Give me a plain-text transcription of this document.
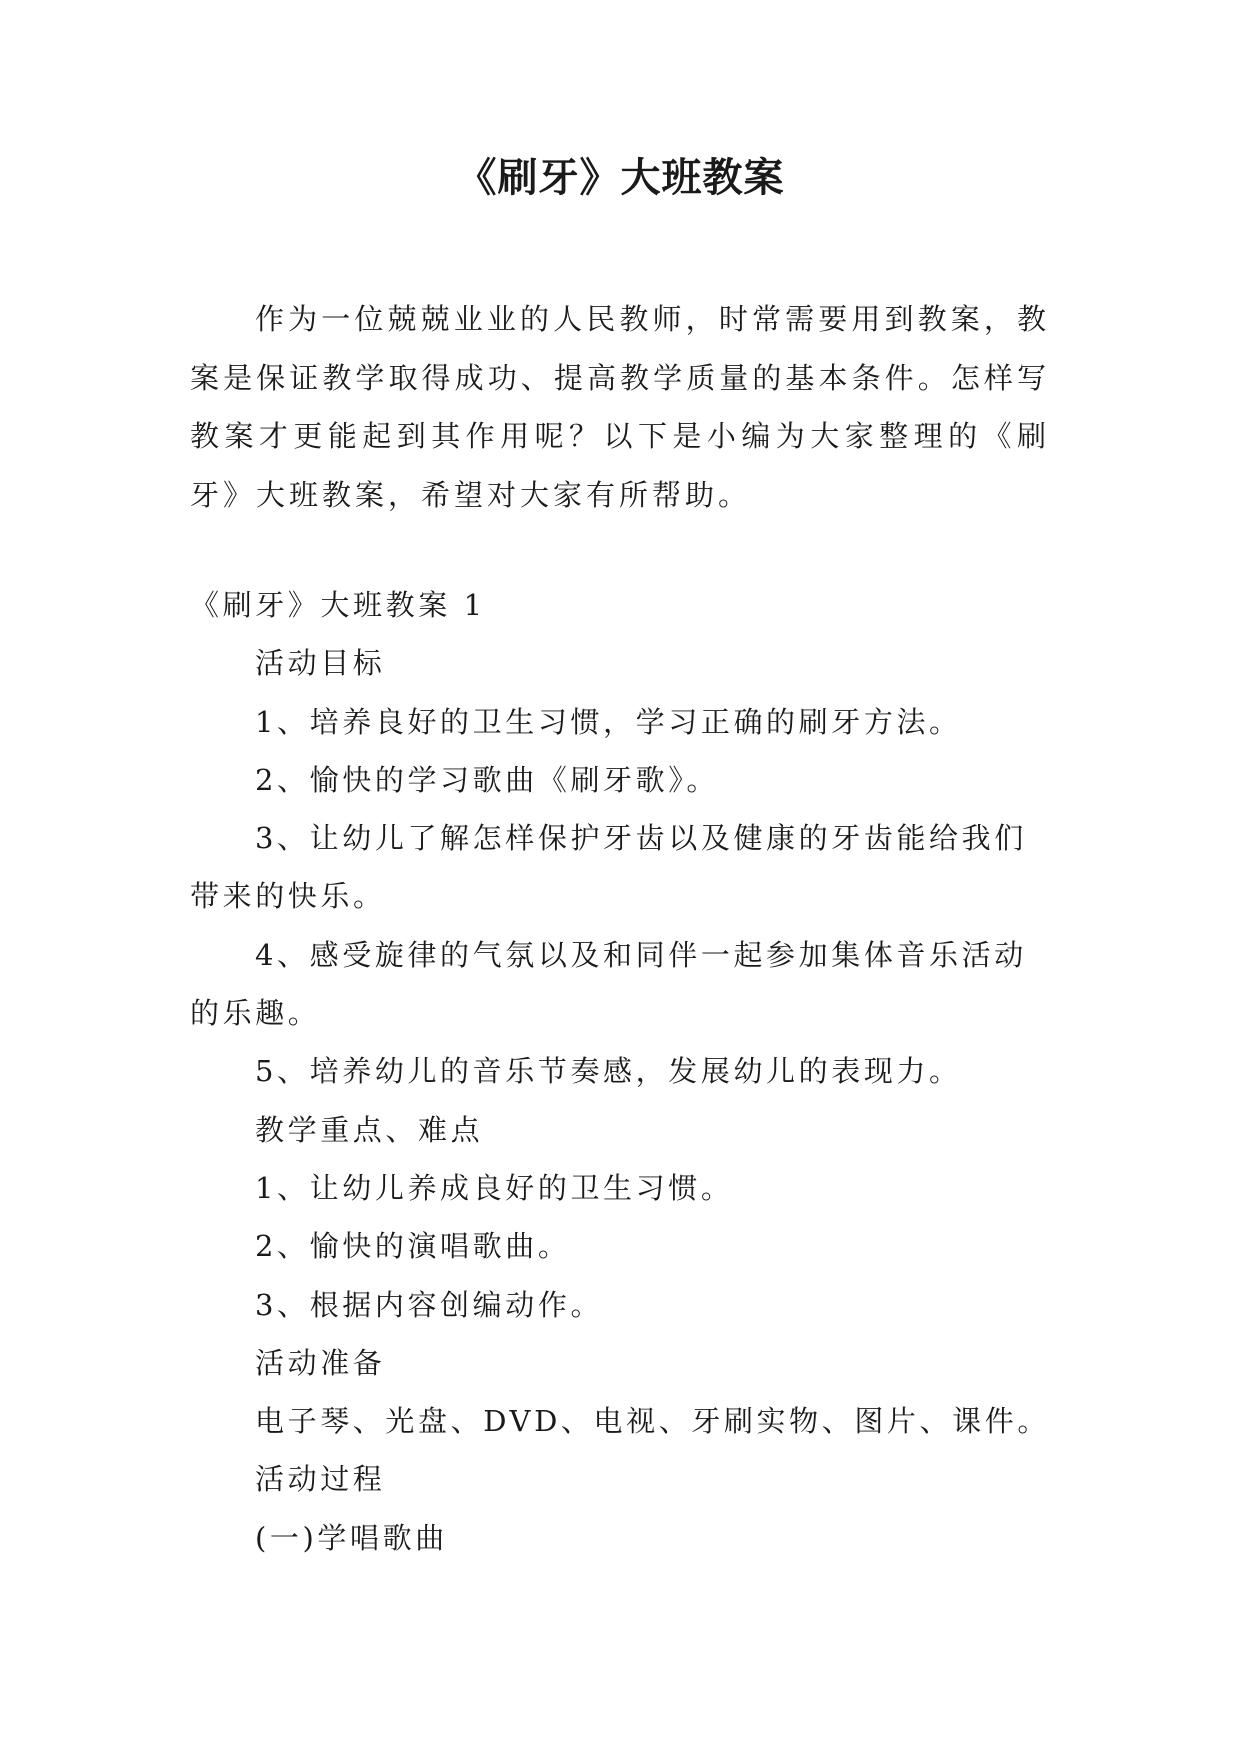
《刷牙》大班教案

作为一位兢兢业业的人民教师，时常需要用到教案，教案是保证教学取得成功、提高教学质量的基本条件。怎样写教案才更能起到其作用呢？以下是小编为大家整理的《刷牙》大班教案，希望对大家有所帮助。

《刷牙》大班教案 1
活动目标
1、培养良好的卫生习惯，学习正确的刷牙方法。
2、愉快的学习歌曲《刷牙歌》。
3、让幼儿了解怎样保护牙齿以及健康的牙齿能给我们
带来的快乐。
4、感受旋律的气氛以及和同伴一起参加集体音乐活动
的乐趣。
5、培养幼儿的音乐节奏感，发展幼儿的表现力。
教学重点、难点
1、让幼儿养成良好的卫生习惯。
2、愉快的演唱歌曲。
3、根据内容创编动作。
活动准备
电子琴、光盘、DVD、电视、牙刷实物、图片、课件。
活动过程
(一)学唱歌曲
